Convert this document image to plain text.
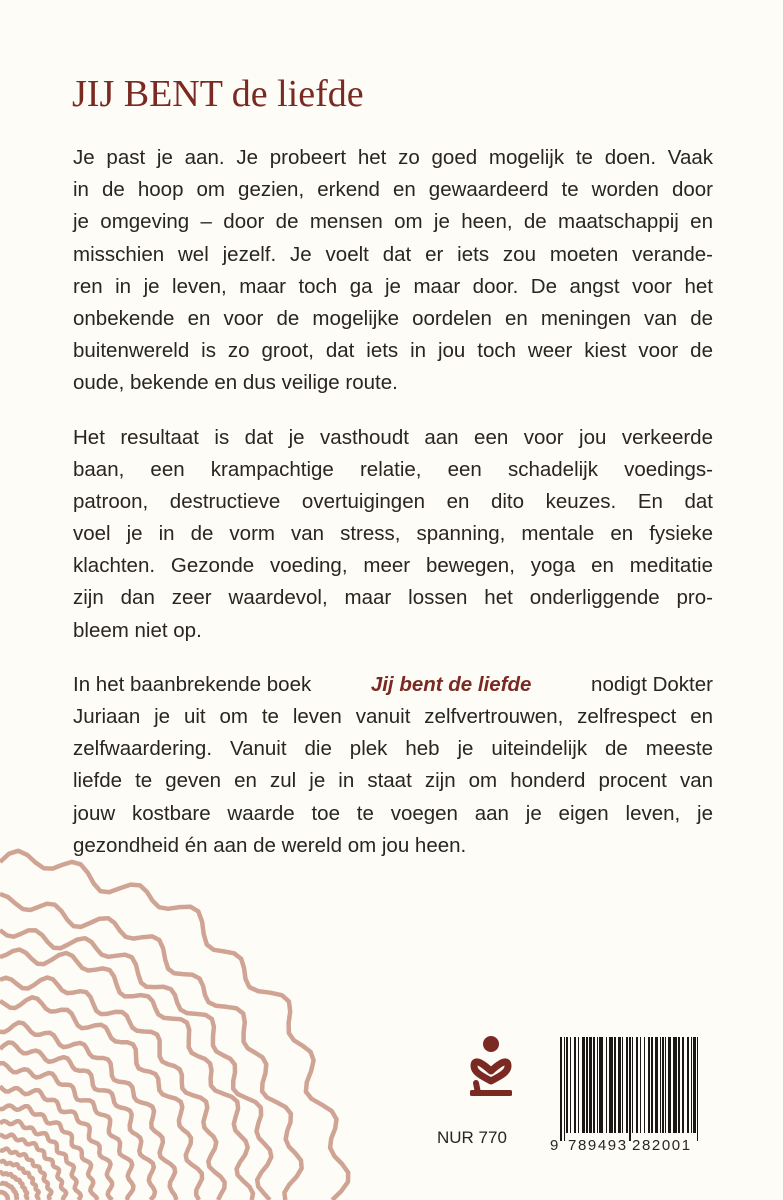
JIJ BENT de liefde
Je past je aan. Je probeert het zo goed mogelijk te doen. Vaak
in de hoop om gezien, erkend en gewaardeerd te worden door
je omgeving – door de mensen om je heen, de maatschappij en
misschien wel jezelf. Je voelt dat er iets zou moeten verande-
ren in je leven, maar toch ga je maar door. De angst voor het
onbekende en voor de mogelijke oordelen en meningen van de
buitenwereld is zo groot, dat iets in jou toch weer kiest voor de
oude, bekende en dus veilige route.
Het resultaat is dat je vasthoudt aan een voor jou verkeerde
baan, een krampachtige relatie, een schadelijk voedings-
patroon, destructieve overtuigingen en dito keuzes. En dat
voel je in de vorm van stress, spanning, mentale en fysieke
klachten. Gezonde voeding, meer bewegen, yoga en meditatie
zijn dan zeer waardevol, maar lossen het onderliggende pro-
bleem niet op.
In het baanbrekende boek	Jij bent de liefde	nodigt Dokter
Juriaan je uit om te leven vanuit zelfvertrouwen, zelfrespect en
zelfwaardering. Vanuit die plek heb je uiteindelijk de meeste
liefde te geven en zul je in staat zijn om honderd procent van
jouw kostbare waarde toe te voegen aan je eigen leven, je
gezondheid én aan de wereld om jou heen.
NUR 770	9 789493 282001
